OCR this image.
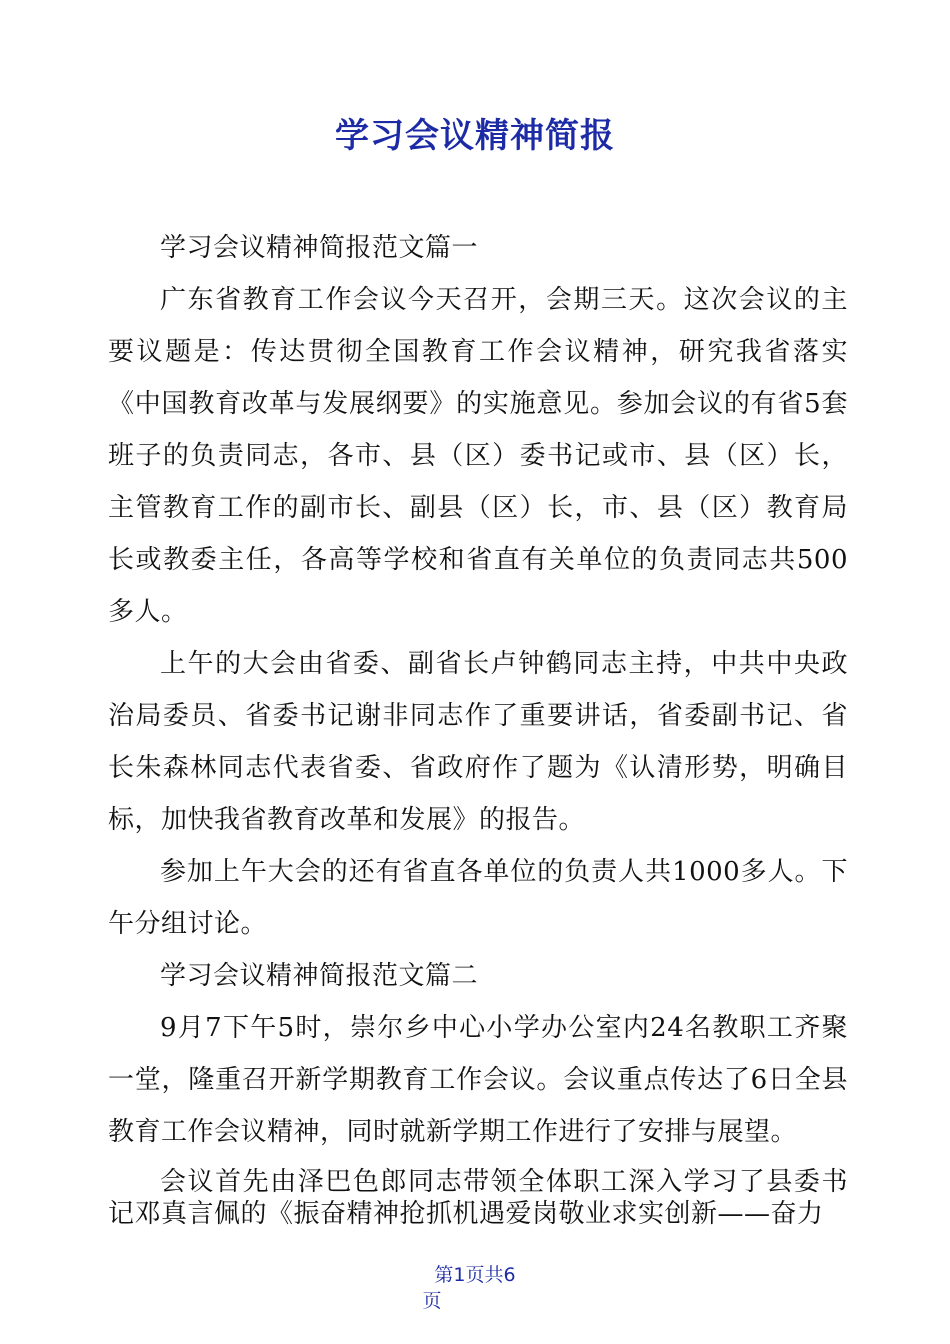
学习会议精神简报

学习会议精神简报范文篇一

广东省教育工作会议今天召开，会期三天。这次会议的主要议题是：传达贯彻全国教育工作会议精神，研究我省落实《中国教育改革与发展纲要》的实施意见。参加会议的有省5套班子的负责同志，各市、县（区）委书记或市、县（区）长，主管教育工作的副市长、副县（区）长，市、县（区）教育局长或教委主任，各高等学校和省直有关单位的负责同志共500多人。

上午的大会由省委、副省长卢钟鹤同志主持，中共中央政治局委员、省委书记谢非同志作了重要讲话，省委副书记、省长朱森林同志代表省委、省政府作了题为《认清形势，明确目标，加快我省教育改革和发展》的报告。

参加上午大会的还有省直各单位的负责人共1000多人。下午分组讨论。

学习会议精神简报范文篇二

9月7下午5时，崇尔乡中心小学办公室内24名教职工齐聚一堂，隆重召开新学期教育工作会议。会议重点传达了6日全县教育工作会议精神，同时就新学期工作进行了安排与展望。

会议首先由泽巴色郎同志带领全体职工深入学习了县委书记邓真言佩的《振奋精神抢抓机遇爱岗敬业求实创新——奋力

第1页共6
页
